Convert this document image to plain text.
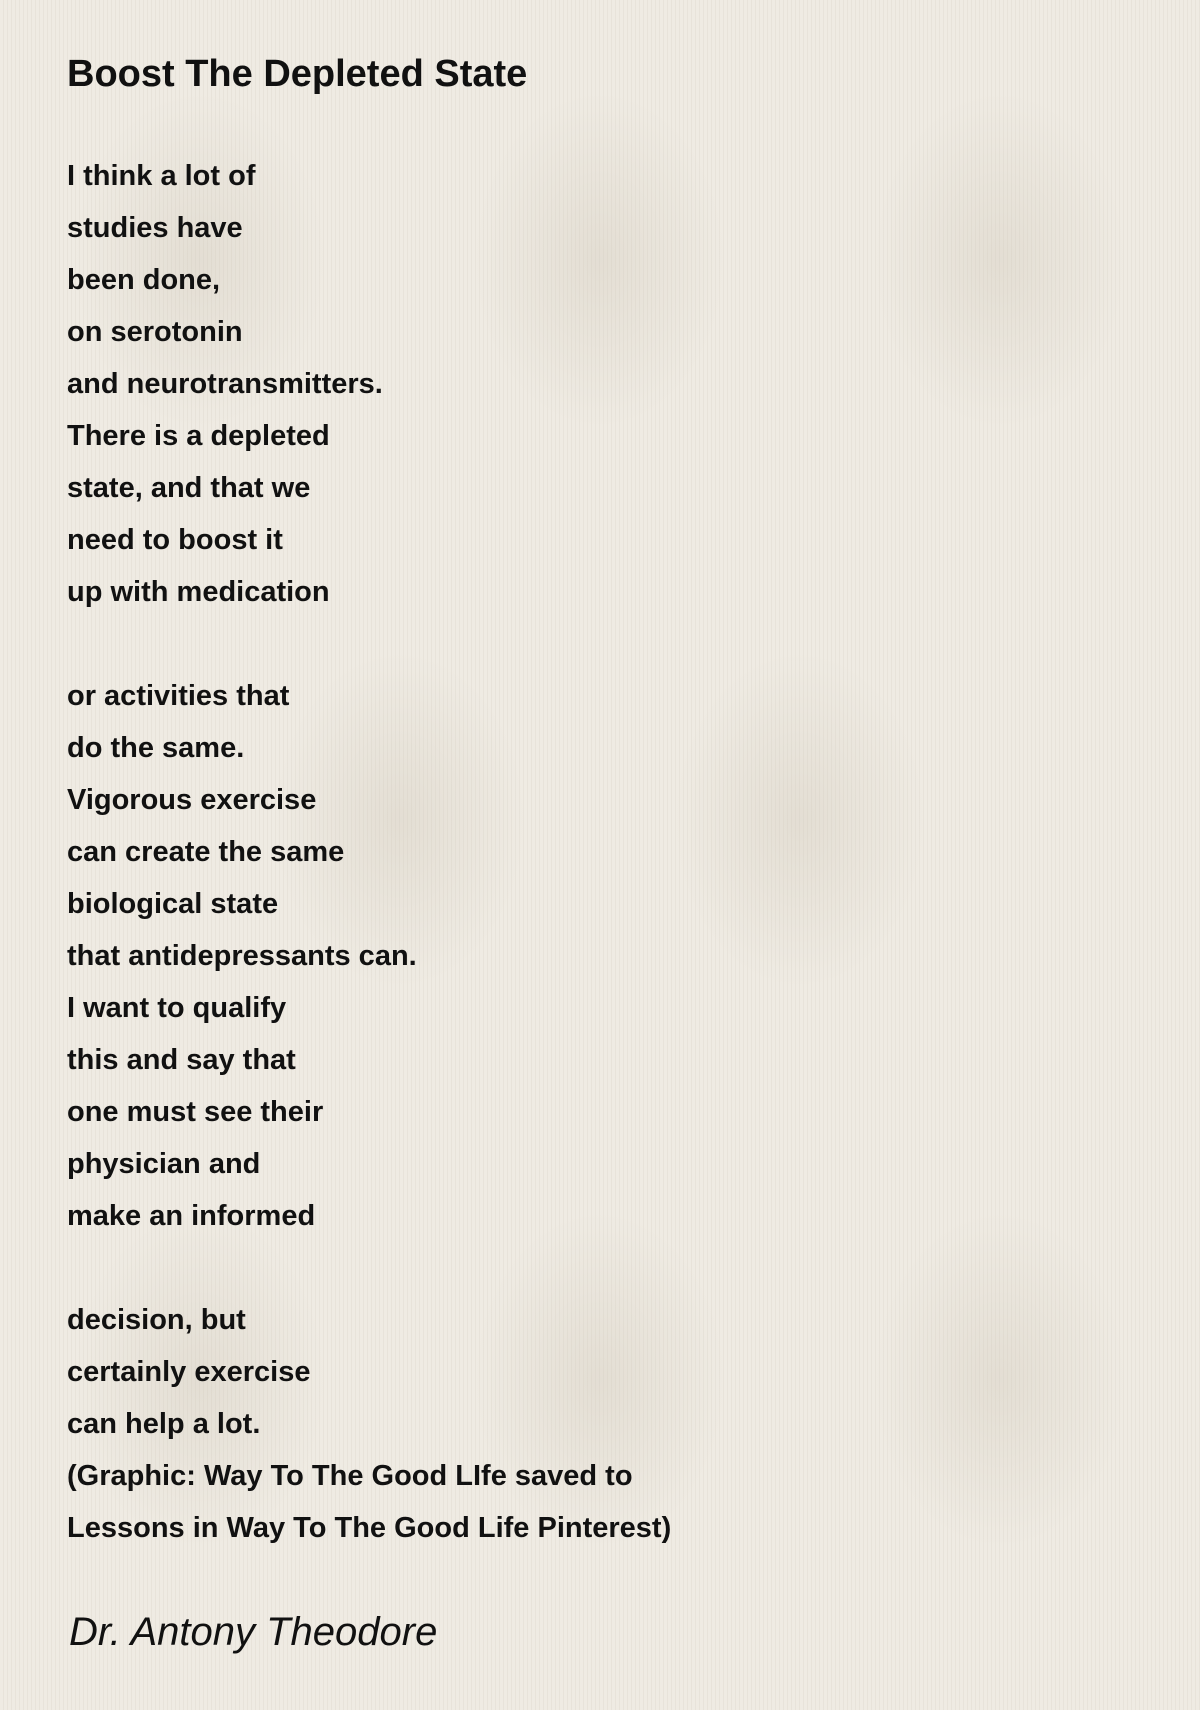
Boost The Depleted State
I think a lot of
studies have
been done,
on serotonin
and neurotransmitters.
There is a depleted
state, and that we
need to boost it
up with medication
or activities that
do the same.
Vigorous exercise
can create the same
biological state
that antidepressants can.
I want to qualify
this and say that
one must see their
physician and
make an informed
decision, but
certainly exercise
can help a lot.
(Graphic: Way To The Good LIfe saved to
Lessons in Way To The Good Life Pinterest)

Dr. Antony Theodore
